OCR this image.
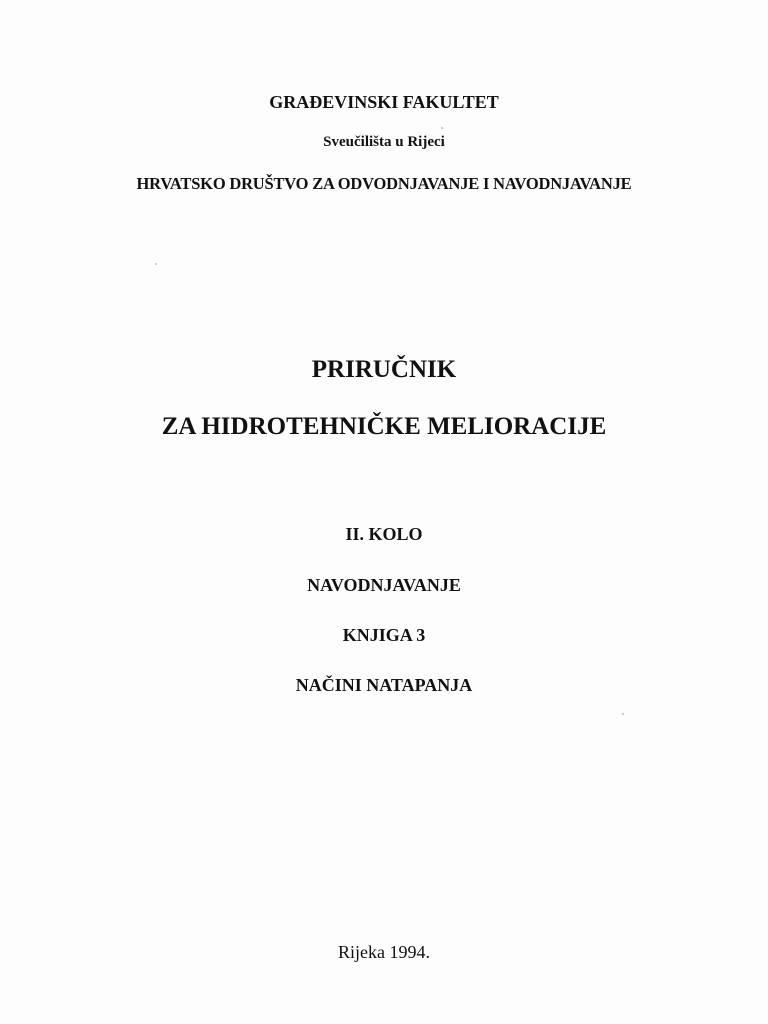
GRAĐEVINSKI FAKULTET
Sveučilišta u Rijeci
HRVATSKO DRUŠTVO ZA ODVODNJAVANJE I NAVODNJAVANJE
PRIRUČNIK
ZA HIDROTEHNIČKE MELIORACIJE
II. KOLO
NAVODNJAVANJE
KNJIGA 3
NAČINI NATAPANJA
Rijeka 1994.
